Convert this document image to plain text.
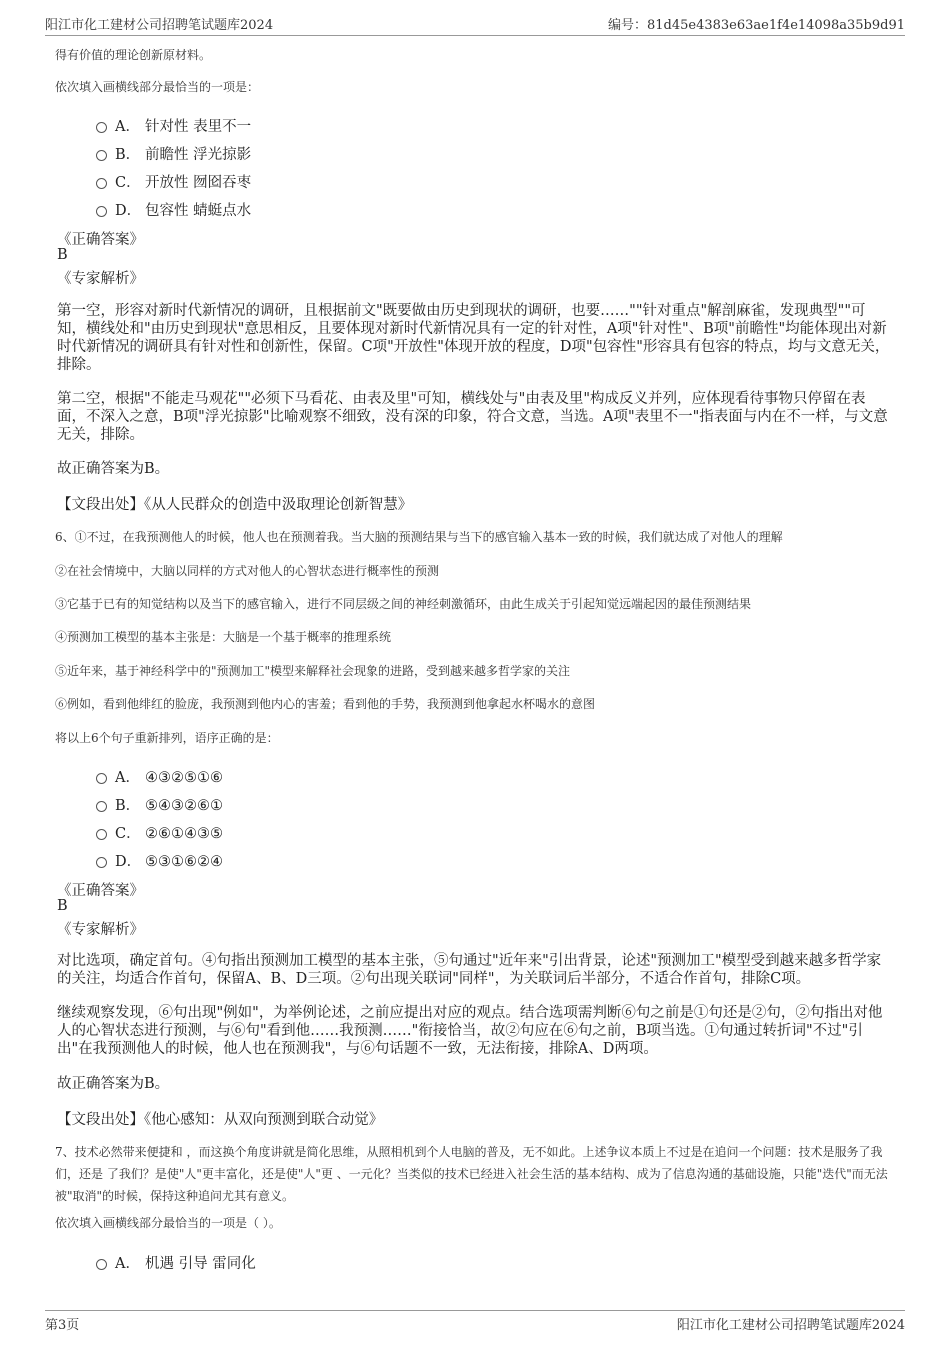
阳江市化工建材公司招聘笔试题库2024	编号：81d45e4383e63ae1f4e14098a35b9d91
得有价值的理论创新原材料。
依次填入画横线部分最恰当的一项是：
A． 针对性 表里不一
B． 前瞻性 浮光掠影
C． 开放性 囫囵吞枣
D． 包容性 蜻蜓点水
《正确答案》
B
《专家解析》
第一空，形容对新时代新情况的调研，且根据前文"既要做由历史到现状的调研，也要……""针对重点"解剖麻雀，发现典型""可知，横线处和"由历史到现状"意思相反，且要体现对新时代新情况具有一定的针对性，A项"针对性"、B项"前瞻性"均能体现出对新时代新情况的调研具有针对性和创新性，保留。C项"开放性"体现开放的程度，D项"包容性"形容具有包容的特点，均与文意无关，排除。
第二空，根据"不能走马观花""必须下马看花、由表及里"可知，横线处与"由表及里"构成反义并列，应体现看待事物只停留在表面，不深入之意，B项"浮光掠影"比喻观察不细致，没有深的印象，符合文意，当选。A项"表里不一"指表面与内在不一样，与文意无关，排除。
故正确答案为B。
【文段出处】《从人民群众的创造中汲取理论创新智慧》
6、①不过，在我预测他人的时候，他人也在预测着我。当大脑的预测结果与当下的感官输入基本一致的时候，我们就达成了对他人的理解
②在社会情境中，大脑以同样的方式对他人的心智状态进行概率性的预测
③它基于已有的知觉结构以及当下的感官输入，进行不同层级之间的神经刺激循环，由此生成关于引起知觉远端起因的最佳预测结果
④预测加工模型的基本主张是：大脑是一个基于概率的推理系统
⑤近年来，基于神经科学中的"预测加工"模型来解释社会现象的进路，受到越来越多哲学家的关注
⑥例如，看到他绯红的脸庞，我预测到他内心的害羞；看到他的手势，我预测到他拿起水杯喝水的意图
将以上6个句子重新排列，语序正确的是：
A． ④③②⑤①⑥
B． ⑤④③②⑥①
C． ②⑥①④③⑤
D． ⑤③①⑥②④
《正确答案》
B
《专家解析》
对比选项，确定首句。④句指出预测加工模型的基本主张，⑤句通过"近年来"引出背景，论述"预测加工"模型受到越来越多哲学家的关注，均适合作首句，保留A、B、D三项。②句出现关联词"同样"，为关联词后半部分，不适合作首句，排除C项。
继续观察发现，⑥句出现"例如"，为举例论述，之前应提出对应的观点。结合选项需判断⑥句之前是①句还是②句，②句指出对他人的心智状态进行预测，与⑥句"看到他……我预测……"衔接恰当，故②句应在⑥句之前，B项当选。①句通过转折词"不过"引出"在我预测他人的时候，他人也在预测我"，与⑥句话题不一致，无法衔接，排除A、D两项。
故正确答案为B。
【文段出处】《他心感知：从双向预测到联合动觉》
7、技术必然带来便捷和 ，而这换个角度讲就是简化思维，从照相机到个人电脑的普及，无不如此。上述争议本质上不过是在追问一个问题：技术是服务了我们，还是 了我们？是使"人"更丰富化，还是使"人"更 、一元化？当类似的技术已经进入社会生活的基本结构、成为了信息沟通的基础设施，只能"迭代"而无法被"取消"的时候，保持这种追问尤其有意义。
依次填入画横线部分最恰当的一项是（ ）。
A． 机遇 引导 雷同化
第3页	阳江市化工建材公司招聘笔试题库2024
